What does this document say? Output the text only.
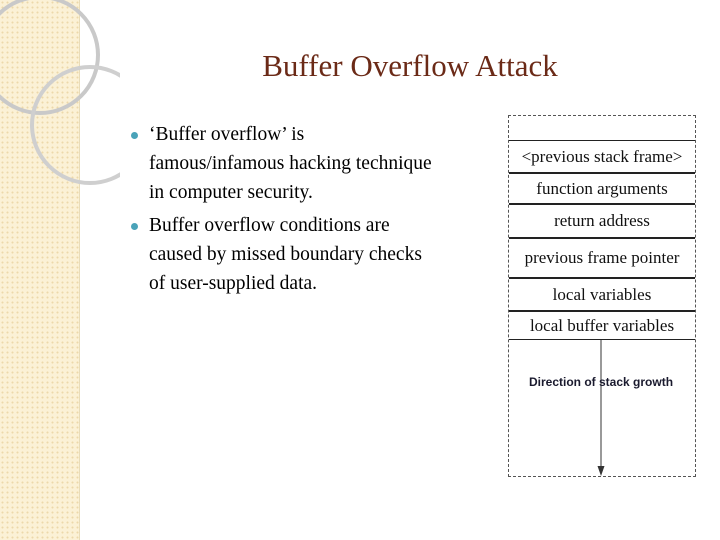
Buffer Overflow Attack
‘Buffer overflow’ is
famous/infamous hacking technique
in computer security.
Buffer overflow conditions are
caused by missed boundary checks
of user-supplied data.
<previous stack frame>
function arguments
return address
previous frame pointer
local variables
local buffer variables
Direction of stack growth
